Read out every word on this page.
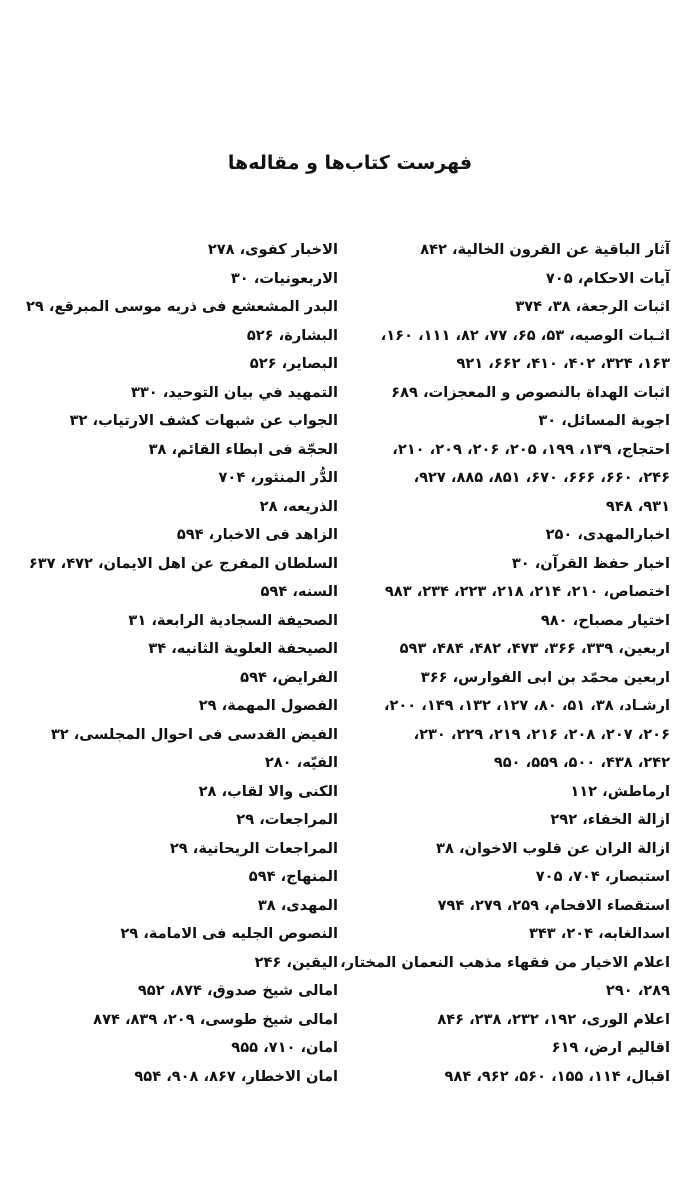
فهرست کتاب‌ها و مقاله‌ها
آثار الباقية عن القرون الخالية، ۸۴۲
آيات الاحكام، ۷۰۵
اثبات الرجعة، ۳۸، ۳۷۴
اثـبات الوصيه، ۵۳، ۶۵، ۷۷، ۸۲، ۱۱۱، ۱۶۰،
۱۶۳، ۳۲۴، ۴۰۲، ۴۱۰، ۶۶۲، ۹۲۱
اثبات الهداة بالنصوص و المعجزات، ۶۸۹
اجوبة المسائل، ۳۰
احتجاج، ۱۳۹، ۱۹۹، ۲۰۵، ۲۰۶، ۲۰۹، ۲۱۰،
۲۴۶، ۶۶۰، ۶۶۶، ۶۷۰، ۸۵۱، ۸۸۵، ۹۲۷،
۹۳۱، ۹۴۸
اخبارالمهدی، ۲۵۰
اخبار حفظ القرآن، ۳۰
اختصاص، ۲۱۰، ۲۱۴، ۲۱۸، ۲۲۳، ۲۳۴، ۹۸۳
اختيار مصباح، ۹۸۰
اربعين، ۳۳۹، ۳۶۶، ۴۷۳، ۴۸۲، ۴۸۴، ۵۹۳
اربعين محمّد بن ابی الفوارس، ۳۶۶
ارشـاد، ۳۸، ۵۱، ۸۰، ۱۲۷، ۱۳۲، ۱۴۹، ۲۰۰،
۲۰۶، ۲۰۷، ۲۰۸، ۲۱۶، ۲۱۹، ۲۲۹، ۲۳۰،
۲۴۲، ۴۳۸، ۵۰۰، ۵۵۹، ۹۵۰
ارماطش، ۱۱۲
ازالة الخفاء، ۲۹۲
ازالة الران عن قلوب الاخوان، ۳۸
استبصار، ۷۰۴، ۷۰۵
استقصاء الافحام، ۲۵۹، ۲۷۹، ۷۹۴
اسدالغابه، ۲۰۴، ۳۴۳
اعلام الاخيار من فقهاء مذهب النعمان المختار،
۲۸۹، ۲۹۰
اعلام الوری، ۱۹۲، ۲۳۲، ۲۳۸، ۸۴۶
اقاليم ارض، ۶۱۹
اقبال، ۱۱۴، ۱۵۵، ۵۶۰، ۹۶۲، ۹۸۴
الاخبار کفوی، ۲۷۸
الاربعونيات، ۳۰
البدر المشعشع فی ذريه موسی المبرقع، ۲۹
البشارة، ۵۲۶
البصاير، ۵۲۶
التمهيد في بيان التوحيد، ۳۳۰
الجواب عن شبهات کشف الارتياب، ۳۲
الحجّة فی ابطاء القائم، ۳۸
الدُّر المنثور، ۷۰۴
الذريعه، ۲۸
الزاهد فی الاخبار، ۵۹۴
السلطان المفرج عن اهل الايمان، ۴۷۲، ۶۳۷
السنه، ۵۹۴
الصحيفة السجادية الرابعة، ۳۱
الصيحفة العلوية الثانيه، ۳۴
الفرايض، ۵۹۴
الفصول المهمة، ۲۹
الفيض القدسی فی احوال المجلسی، ۳۲
الفيّه، ۲۸۰
الکنی والا لقاب، ۲۸
المراجعات، ۲۹
المراجعات الريحانية، ۲۹
المنهاج، ۵۹۴
المهدی، ۳۸
النصوص الجليه فی الامامة، ۲۹
اليقين، ۲۴۶
امالی شيخ صدوق، ۸۷۴، ۹۵۲
امالی شيخ طوسی، ۲۰۹، ۸۳۹، ۸۷۴
امان، ۷۱۰، ۹۵۵
امان الاخطار، ۸۶۷، ۹۰۸، ۹۵۴
